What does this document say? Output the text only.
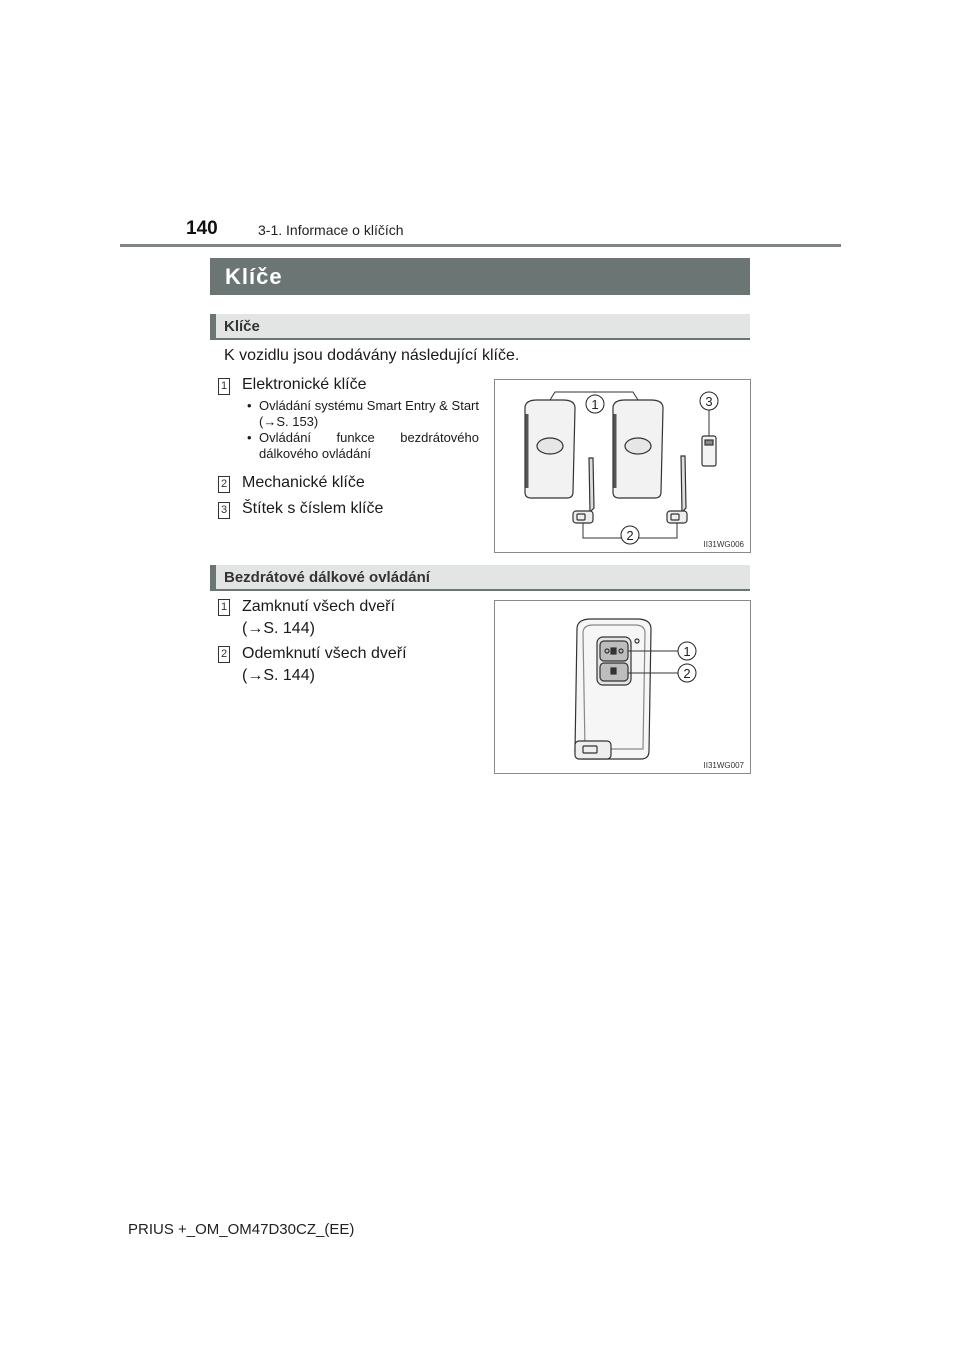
140	3-1. Informace o klíčích
Klíče
Klíče
K vozidlu jsou dodávány následující klíče.
1 Elektronické klíče
• Ovládání systému Smart Entry & Start (→S. 153)
• Ovládání funkce bezdrátového dálkového ovládání
2 Mechanické klíče
3 Štítek s číslem klíče
1
2
3
II31WG006
Bezdrátové dálkové ovládání
1 Zamknutí všech dveří
(→S. 144)
2 Odemknutí všech dveří
(→S. 144)
1
2
II31WG007
PRIUS +_OM_OM47D30CZ_(EE)
